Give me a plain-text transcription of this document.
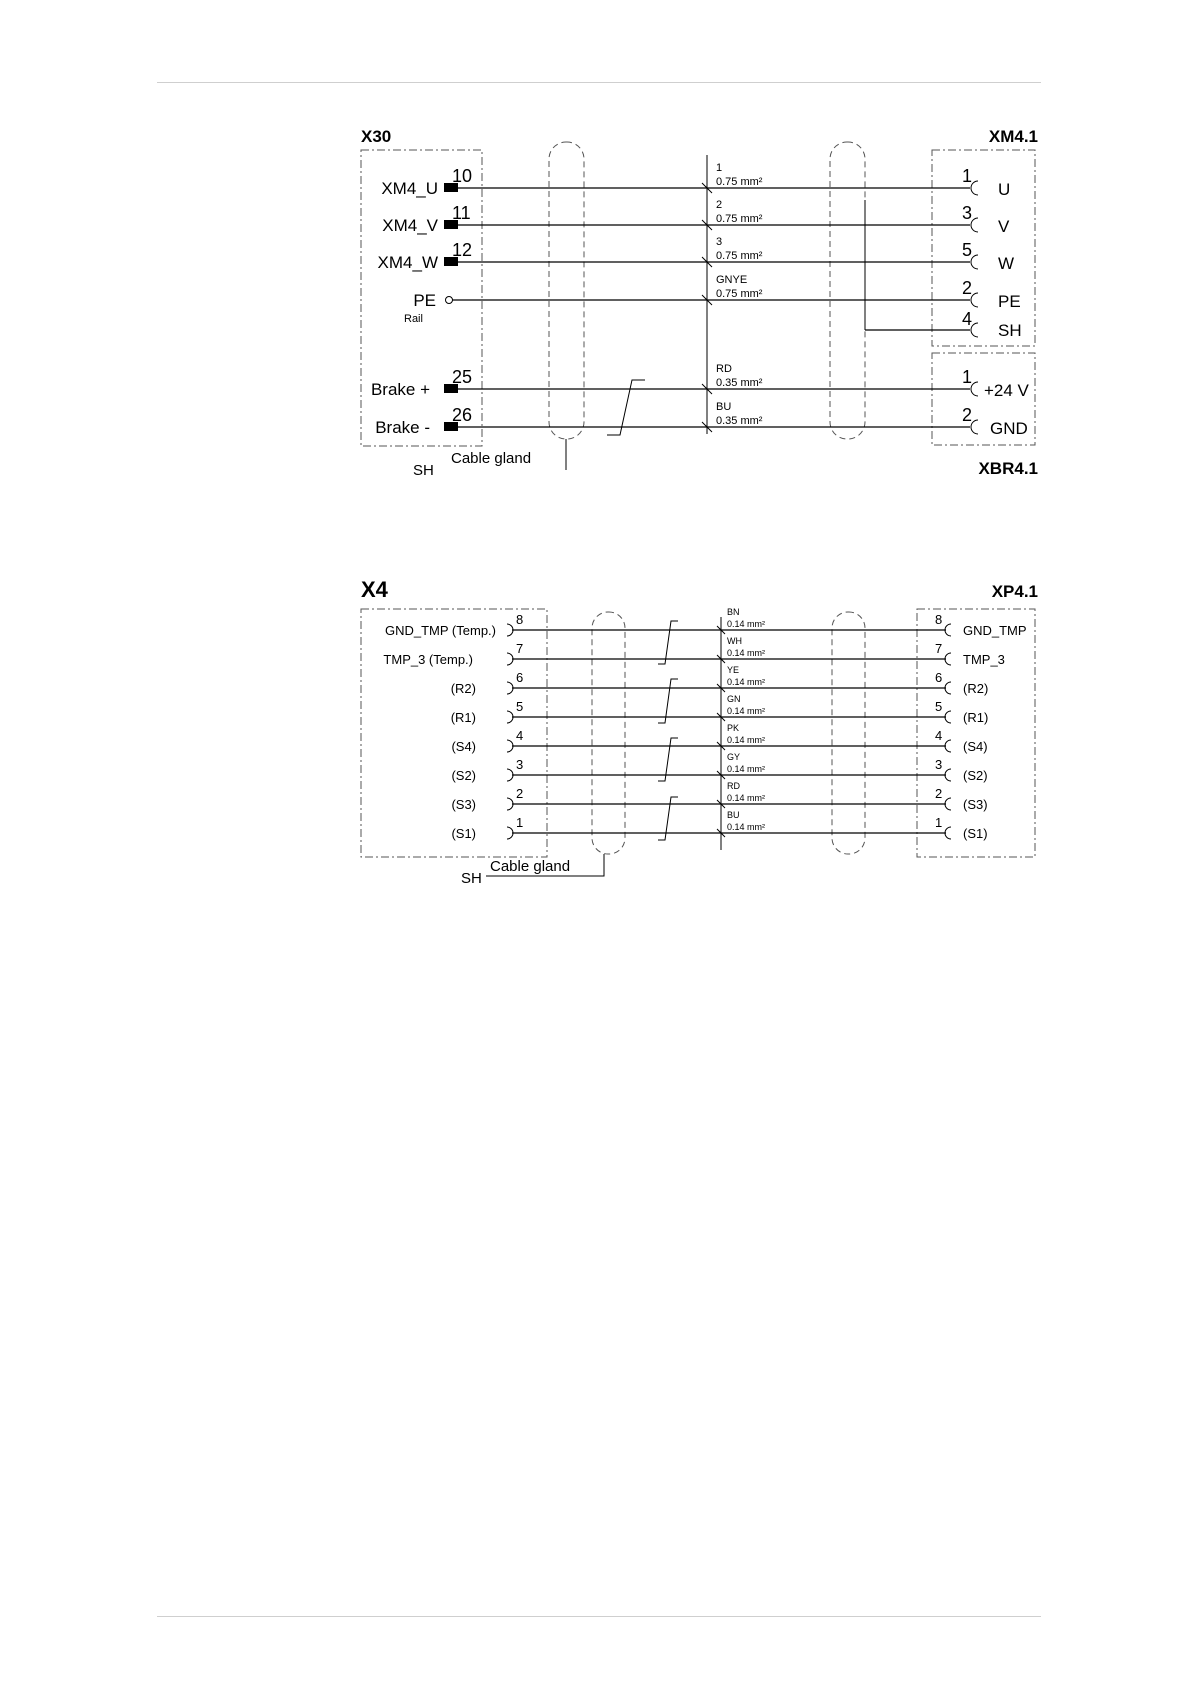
X30	XM4.1
XBR4.1
XM4_U
XM4_V
XM4_W
PE
Rail
Brake +
Brake -
10
11
12
25
26
1
0.75 mm²
2
0.75 mm²
3
0.75 mm²
GNYE
0.75 mm²
RD
0.35 mm²
BU
0.35 mm²
1
3
5
2
4
1
2
U
V
W
PE
SH
+24 V
GND
SH
Cable gland
X4	XP4.1
GND_TMP (Temp.)
TMP_3 (Temp.)
(R2)
(R1)
(S4)
(S2)
(S3)
(S1)
8
7
6
5
4
3
2
1
BN
0.14 mm²
WH
0.14 mm²
YE
0.14 mm²
GN
0.14 mm²
PK
0.14 mm²
GY
0.14 mm²
RD
0.14 mm²
BU
0.14 mm²
8
7
6
5
4
3
2
1
GND_TMP
TMP_3
(R2)
(R1)
(S4)
(S2)
(S3)
(S1)
SH
Cable gland
